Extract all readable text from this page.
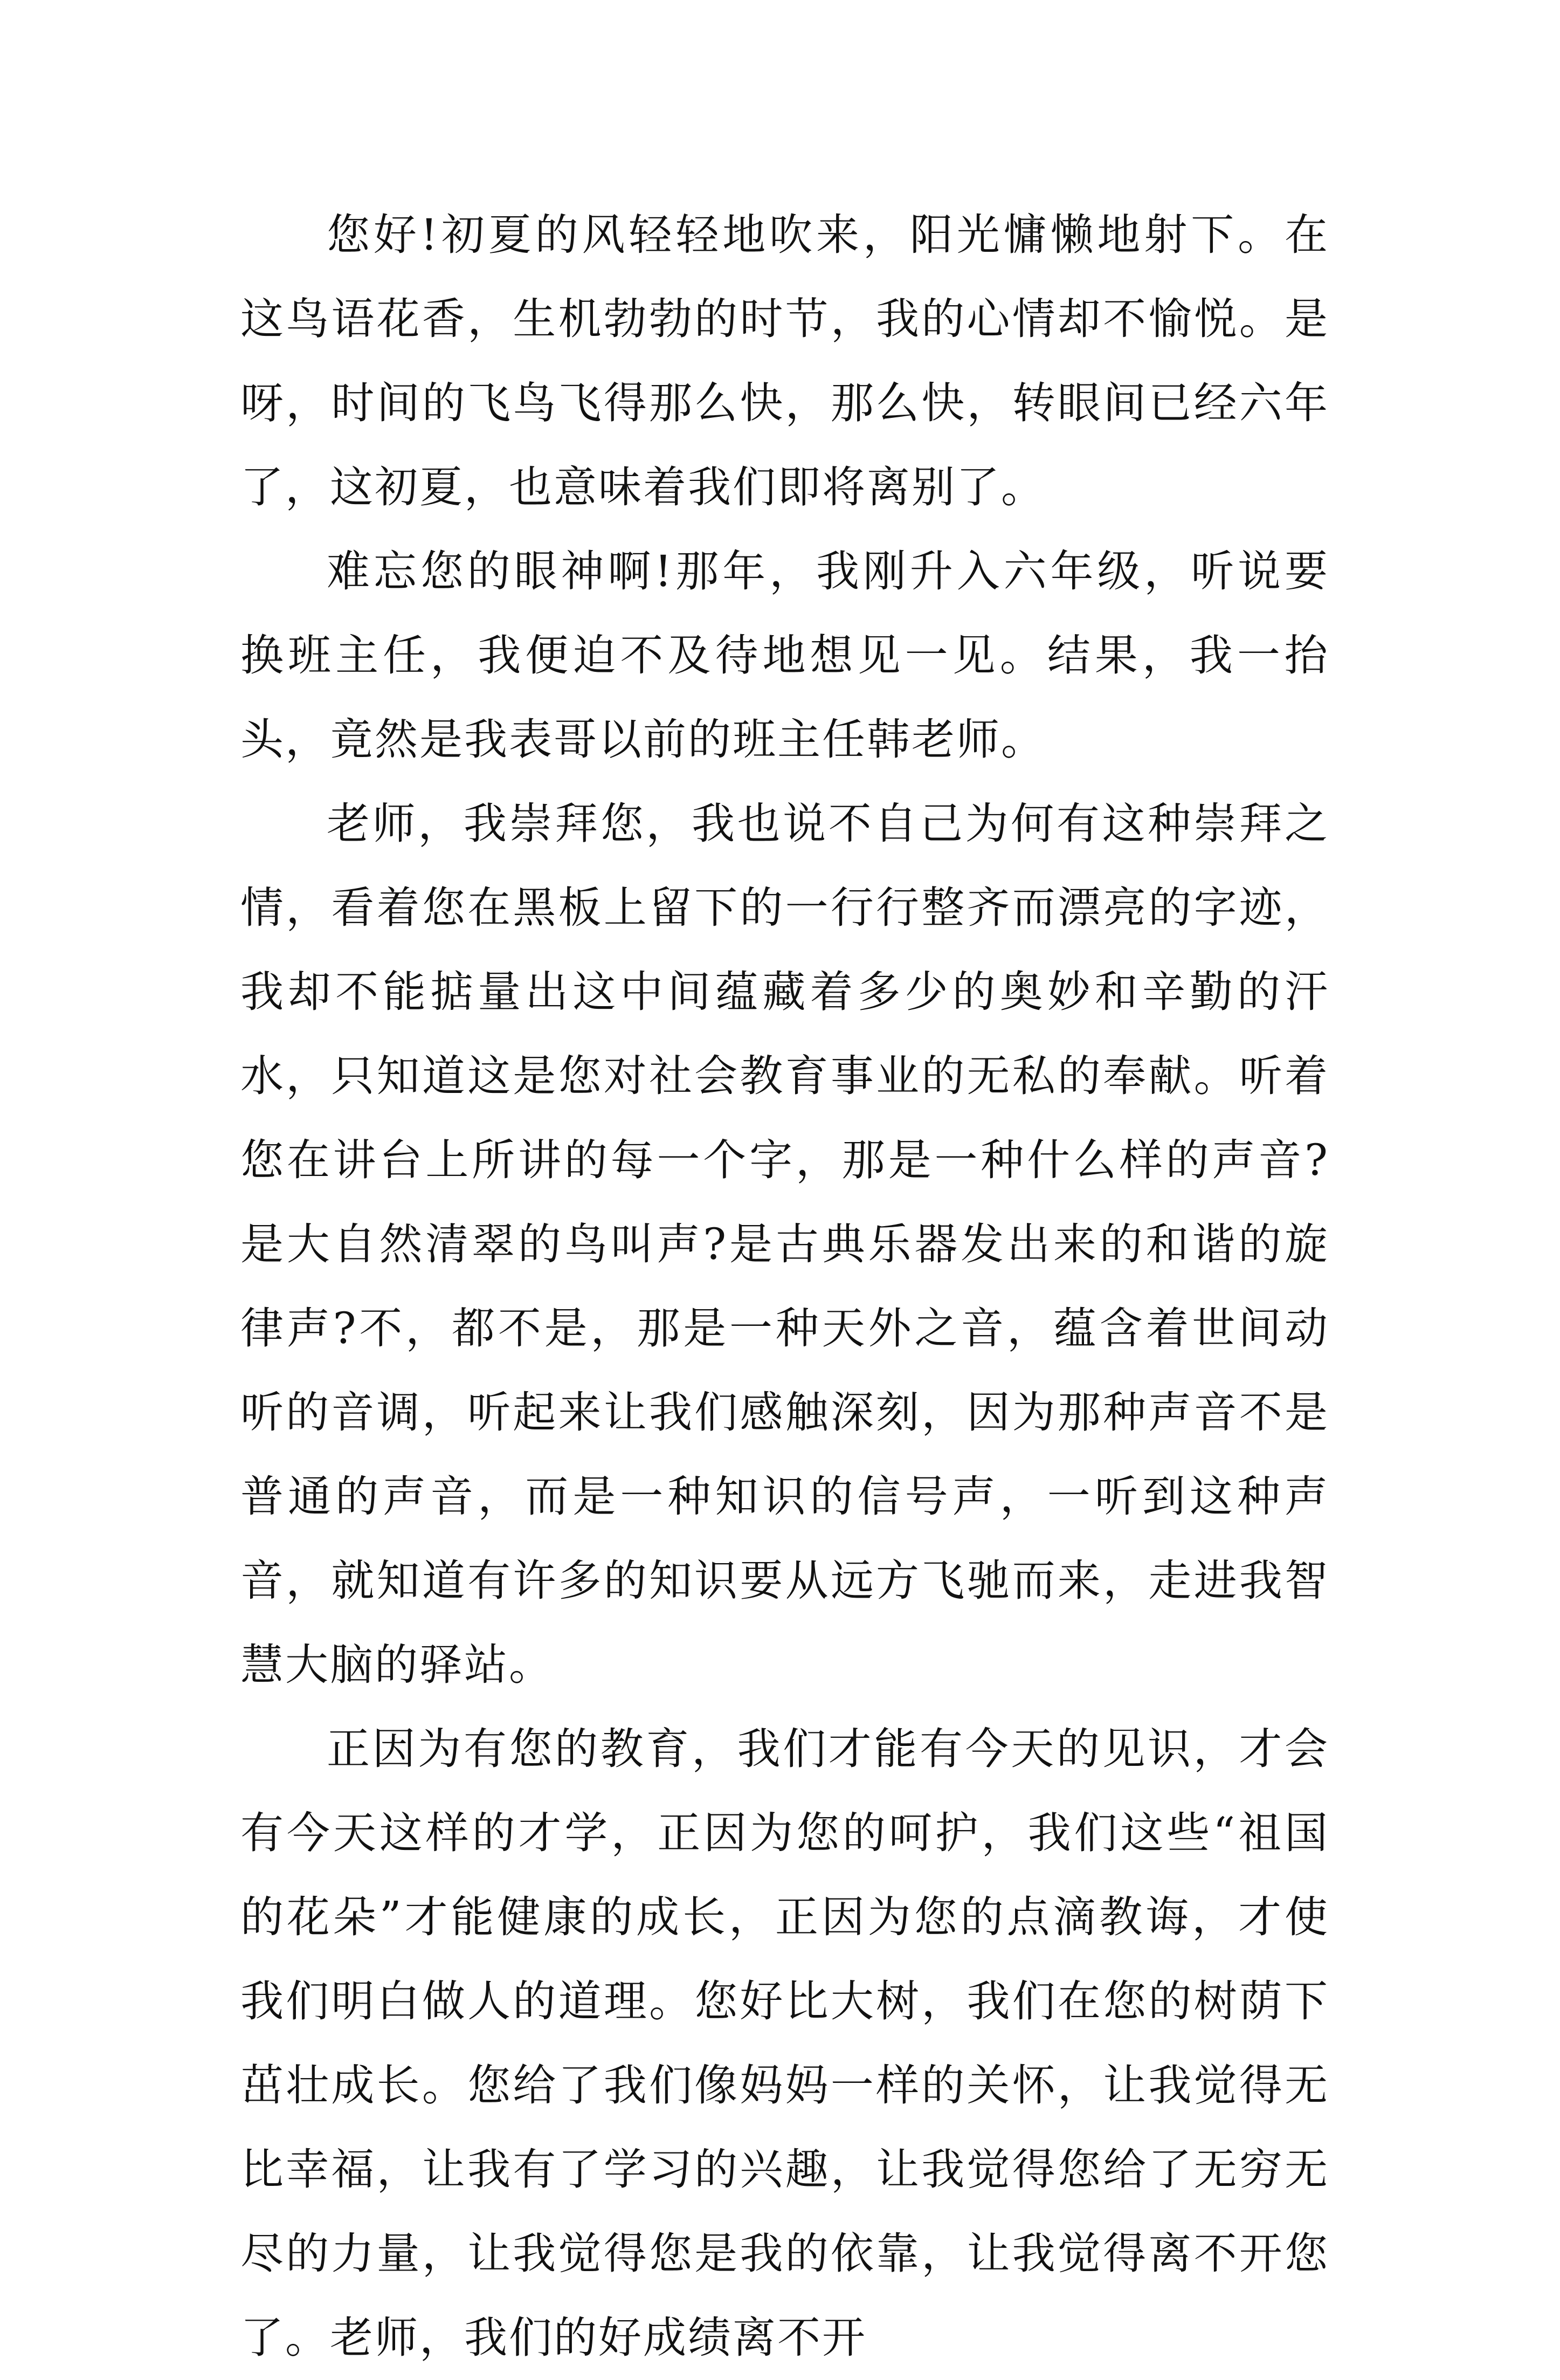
您好!初夏的风轻轻地吹来，阳光慵懒地射下。在这鸟语花香，生机勃勃的时节，我的心情却不愉悦。是呀，时间的飞鸟飞得那么快，那么快，转眼间已经六年了，这初夏，也意味着我们即将离别了。

难忘您的眼神啊!那年，我刚升入六年级，听说要换班主任，我便迫不及待地想见一见。结果，我一抬头，竟然是我表哥以前的班主任韩老师。

老师，我崇拜您，我也说不自己为何有这种崇拜之情，看着您在黑板上留下的一行行整齐而漂亮的字迹，我却不能掂量出这中间蕴藏着多少的奥妙和辛勤的汗水，只知道这是您对社会教育事业的无私的奉献。听着您在讲台上所讲的每一个字，那是一种什么样的声音?是大自然清翠的鸟叫声?是古典乐器发出来的和谐的旋律声?不，都不是，那是一种天外之音，蕴含着世间动听的音调，听起来让我们感触深刻，因为那种声音不是普通的声音，而是一种知识的信号声，一听到这种声音，就知道有许多的知识要从远方飞驰而来，走进我智慧大脑的驿站。

正因为有您的教育，我们才能有今天的见识，才会有今天这样的才学，正因为您的呵护，我们这些“祖国的花朵”才能健康的成长，正因为您的点滴教诲，才使我们明白做人的道理。您好比大树，我们在您的树荫下茁壮成长。您给了我们像妈妈一样的关怀，让我觉得无比幸福，让我有了学习的兴趣，让我觉得您给了无穷无尽的力量，让我觉得您是我的依靠，让我觉得离不开您了。老师，我们的好成绩离不开
